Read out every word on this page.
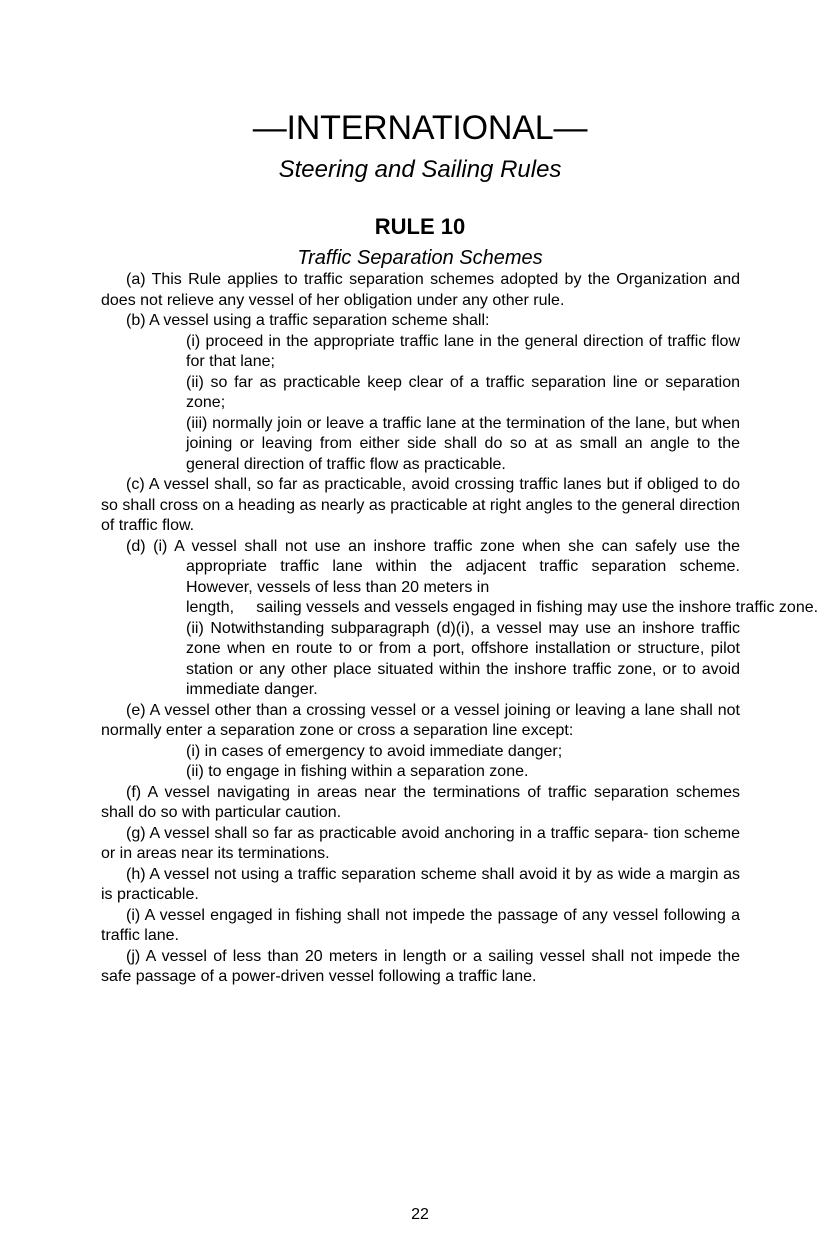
—INTERNATIONAL—
Steering and Sailing Rules
RULE 10
Traffic Separation Schemes

(a) This Rule applies to traffic separation schemes adopted by the Organization and does not relieve any vessel of her obligation under any other rule.

(b) A vessel using a traffic separation scheme shall:

(i) proceed in the appropriate traffic lane in the general direction of traffic flow for that lane;

(ii) so far as practicable keep clear of a traffic separation line or separation zone;

(iii) normally join or leave a traffic lane at the termination of the lane, but when joining or leaving from either side shall do so at as small an angle to the general direction of traffic flow as practicable.

(c) A vessel shall, so far as practicable, avoid crossing traffic lanes but if obliged to do so shall cross on a heading as nearly as practicable at right angles to the general direction of traffic flow.

(d) (i) A vessel shall not use an inshore traffic zone when she can safely use the appropriate traffic lane within the adjacent traffic separation scheme. However, vessels of less than 20 meters in

length,     sailing vessels and vessels engaged in fishing may use the inshore traffic zone.

(ii) Notwithstanding subparagraph (d)(i), a vessel may use an inshore traffic zone when en route to or from a port, offshore installation or structure, pilot station or any other place situated within the inshore traffic zone, or to avoid immediate danger.

(e) A vessel other than a crossing vessel or a vessel joining or leaving a lane shall not normally enter a separation zone or cross a separation line except:

(i) in cases of emergency to avoid immediate danger;

(ii) to engage in fishing within a separation zone.

(f) A vessel navigating in areas near the terminations of traffic separation schemes shall do so with particular caution.

(g) A vessel shall so far as practicable avoid anchoring in a traffic separa- tion scheme or in areas near its terminations.

(h) A vessel not using a traffic separation scheme shall avoid it by as wide a margin as is practicable.

(i) A vessel engaged in fishing shall not impede the passage of any vessel following a traffic lane.

(j) A vessel of less than 20 meters in length or a sailing vessel shall not impede the safe passage of a power-driven vessel following a traffic lane.

22
